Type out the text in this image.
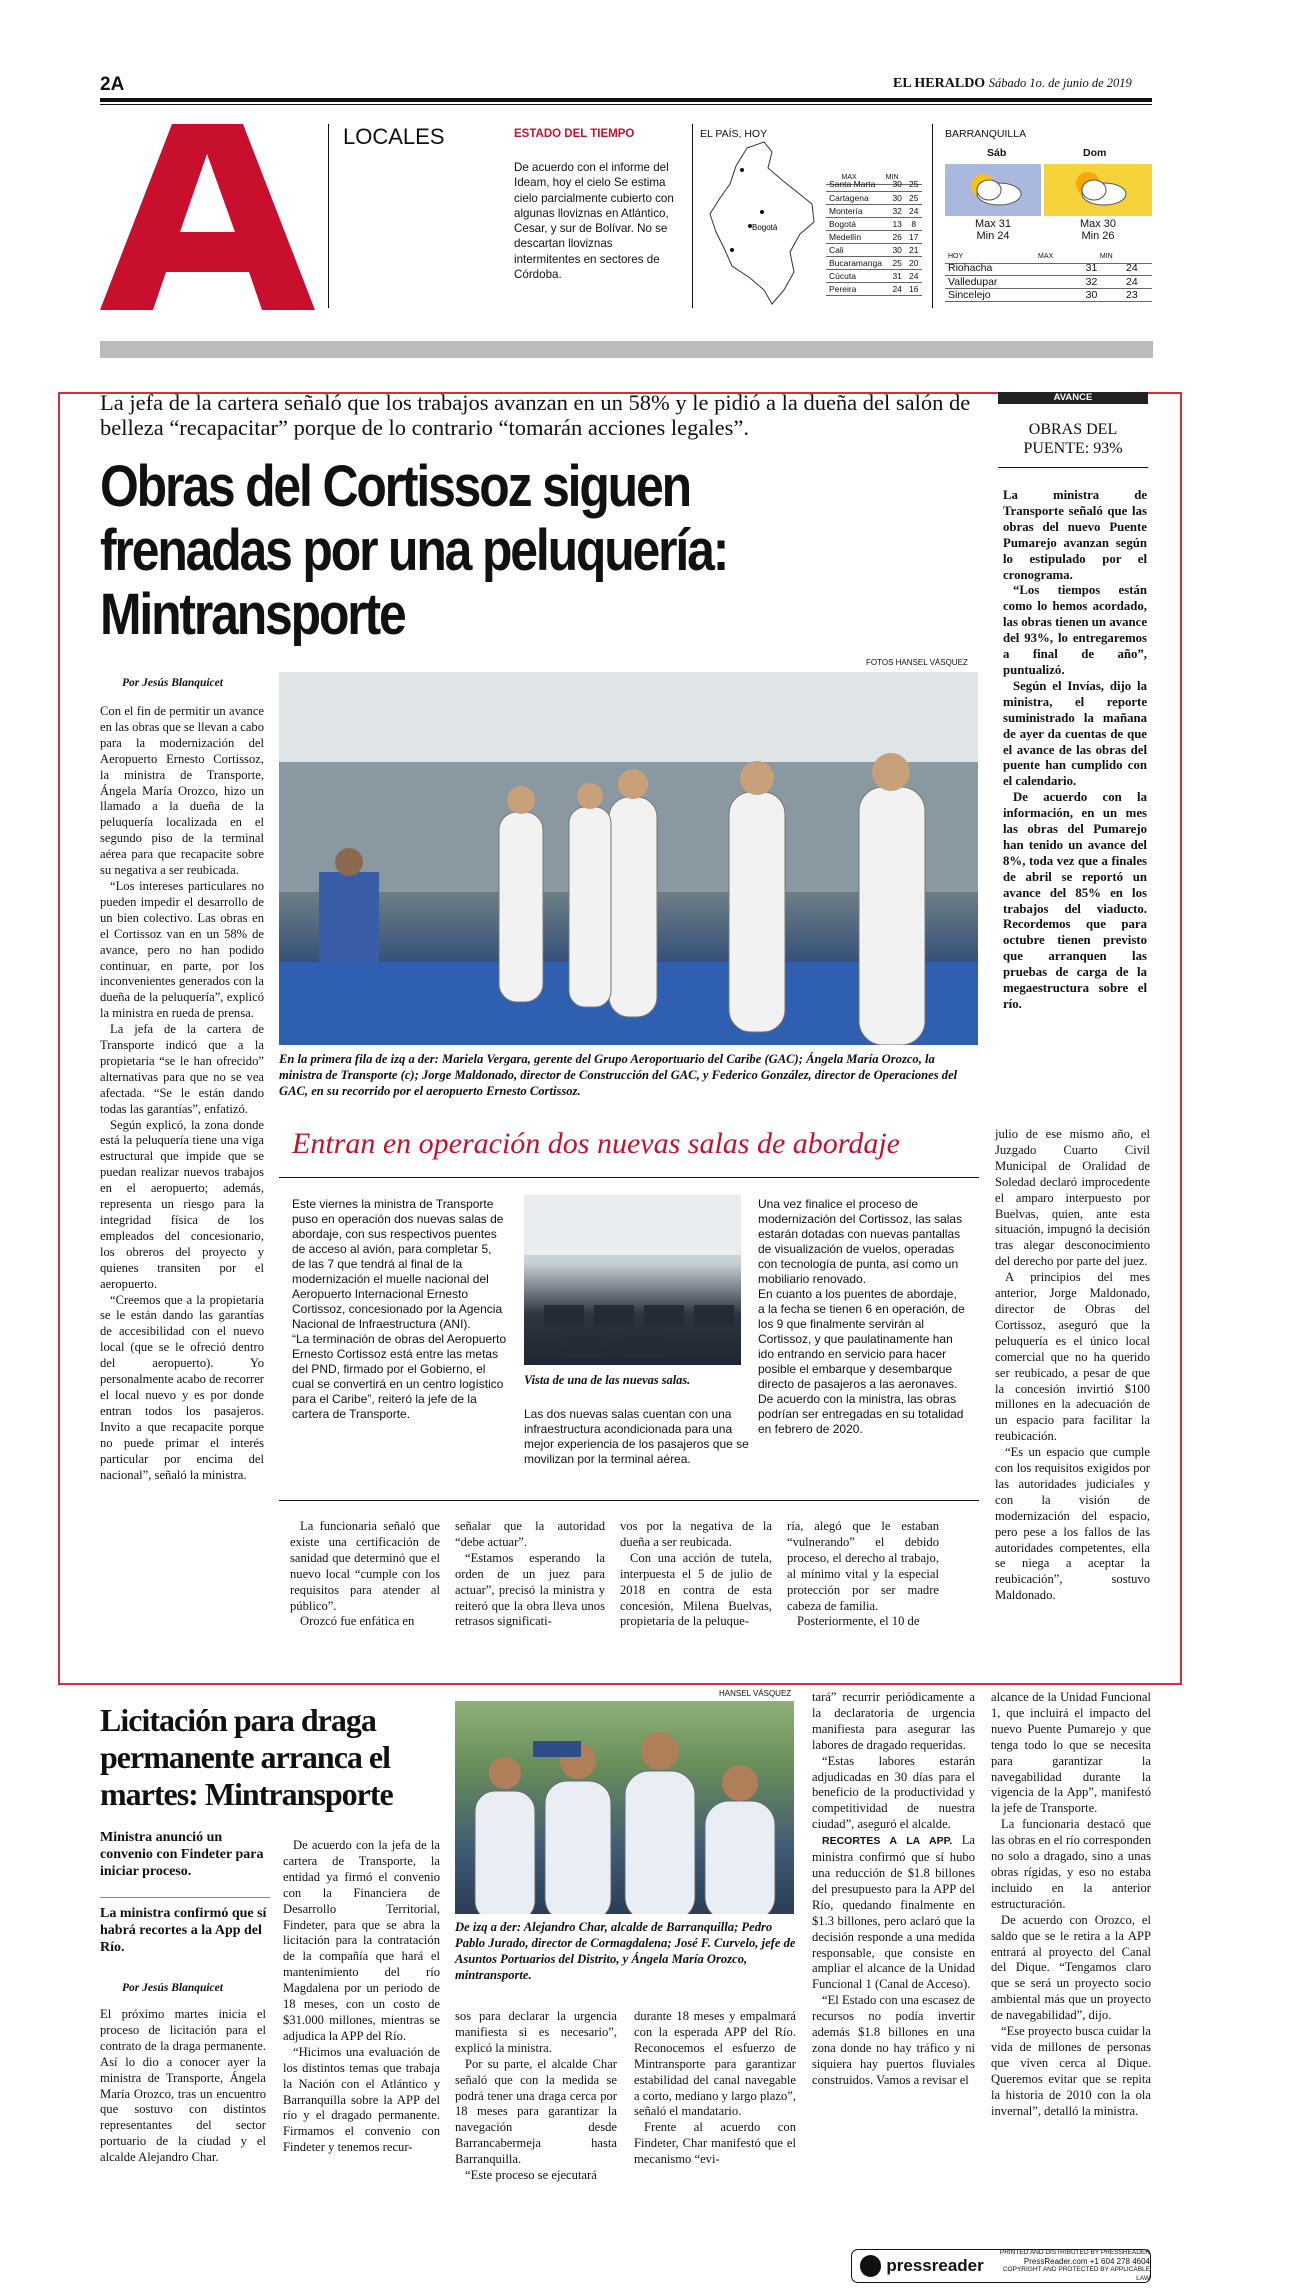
2A	EL HERALDO Sábado 1o. de junio de 2019
LOCALES	ESTADO DEL TIEMPO
De acuerdo con el informe del Ideam, hoy el cielo Se estima cielo parcialmente cubierto con algunas lloviznas en Atlántico, Cesar, y sur de Bolívar. No se descartan lloviznas intermitentes en sectores de Córdoba.
EL PAÍS, HOY
Bogotá
	MAX	MIN
Santa Marta	30	25
Cartagena	30	25
Montería	32	24
Bogotá	13	8
Medellín	26	17
Cali	30	21
Bucaramanga	25	20
Cúcuta	31	24
Pereira	24	16
BARRANQUILLA
Sáb	Dom
Max 31
Min 24
Max 30
Min 26
HOY	MAX	MIN
Riohacha	31	24
Valledupar	32	24
Sincelejo	30	23
La jefa de la cartera señaló que los trabajos avanzan en un 58% y le pidió a la dueña del salón de belleza “recapacitar” porque de lo contrario “tomarán acciones legales”.
Obras del Cortissoz siguen frenadas por una peluquería: Mintransporte
FOTOS HANSEL VÁSQUEZ
Por Jesús Blanquicet
En la primera fila de izq a der: Mariela Vergara, gerente del Grupo Aeroportuario del Caribe (GAC); Ángela María Orozco, la ministra de Transporte (c); Jorge Maldonado, director de Construcción del GAC, y Federico González, director de Operaciones del GAC, en su recorrido por el aeropuerto Ernesto Cortissoz.

Con el fin de permitir un avance en las obras que se llevan a cabo para la modernización del Aeropuerto Ernesto Cortissoz, la ministra de Transporte, Ángela María Orozco, hizo un llamado a la dueña de la peluquería localizada en el segundo piso de la terminal aérea para que recapacite sobre su negativa a ser reubicada.

“Los intereses particulares no pueden impedir el desarrollo de un bien colectivo. Las obras en el Cortissoz van en un 58% de avance, pero no han podido continuar, en parte, por los inconvenientes generados con la dueña de la peluquería”, explicó la ministra en rueda de prensa.

La jefa de la cartera de Transporte indicó que a la propietaria “se le han ofrecido” alternativas para que no se vea afectada. “Se le están dando todas las garantías”, enfatizó.

Según explicó, la zona donde está la peluquería tiene una viga estructural que impide que se puedan realizar nuevos trabajos en el aeropuerto; además, representa un riesgo para la integridad física de los empleados del concesionario, los obreros del proyecto y quienes transiten por el aeropuerto.

“Creemos que a la propietaria se le están dando las garantías de accesibilidad con el nuevo local (que se le ofreció dentro del aeropuerto). Yo personalmente acabo de recorrer el local nuevo y es por donde entran todos los pasajeros. Invito a que recapacite porque no puede primar el interés particular por encima del nacional”, señaló la ministra.

AVANCE
OBRAS DEL PUENTE: 93%

La ministra de Transporte señaló que las obras del nuevo Puente Pumarejo avanzan según lo estipulado por el cronograma.

“Los tiempos están como lo hemos acordado, las obras tienen un avance del 93%, lo entregaremos a final de año”, puntualizó.

Según el Invías, dijo la ministra, el reporte suministrado la mañana de ayer da cuentas de que el avance de las obras del puente han cumplido con el calendario.

De acuerdo con la información, en un mes las obras del Pumarejo han tenido un avance del 8%, toda vez que a finales de abril se reportó un avance del 85% en los trabajos del viaducto. Recordemos que para octubre tienen previsto que arranquen las pruebas de carga de la megaestructura sobre el río.

Entran en operación dos nuevas salas de abordaje

Este viernes la ministra de Transporte puso en operación dos nuevas salas de abordaje, con sus respectivos puentes de acceso al avión, para completar 5, de las 7 que tendrá al final de la modernización el muelle nacional del Aeropuerto Internacional Ernesto Cortissoz, concesionado por la Agencia Nacional de Infraestructura (ANI).

“La terminación de obras del Aeropuerto Ernesto Cortissoz está entre las metas del PND, firmado por el Gobierno, el cual se convertirá en un centro logístico para el Caribe”, reiteró la jefe de la cartera de Transporte.

Vista de una de las nuevas salas.
Las dos nuevas salas cuentan con una infraestructura acondicionada para una mejor experiencia de los pasajeros que se movilizan por la terminal aérea.

Una vez finalice el proceso de modernización del Cortissoz, las salas estarán dotadas con nuevas pantallas de visualización de vuelos, operadas con tecnología de punta, así como un mobiliario renovado.

En cuanto a los puentes de abordaje, a la fecha se tienen 6 en operación, de los 9 que finalmente servirán al Cortissoz, y que paulatinamente han ido entrando en servicio para hacer posible el embarque y desembarque directo de pasajeros a las aeronaves.

De acuerdo con la ministra, las obras podrían ser entregadas en su totalidad en febrero de 2020.

La funcionaria señaló que existe una certificación de sanidad que determinó que el nuevo local “cumple con los requisitos para atender al público”.

Orozcó fue enfática en

señalar que la autoridad “debe actuar”.

“Estamos esperando la orden de un juez para actuar”, precisó la ministra y reiteró que la obra lleva unos retrasos significati-

vos por la negativa de la dueña a ser reubicada.

Con una acción de tutela, interpuesta el 5 de julio de 2018 en contra de esta concesión, Milena Buelvas, propietaria de la peluque-

ría, alegó que le estaban “vulnerando” el debido proceso, el derecho al trabajo, al mínimo vital y la especial protección por ser madre cabeza de familia.

Posteriormente, el 10 de

julio de ese mismo año, el Juzgado Cuarto Civil Municipal de Oralidad de Soledad declaró improcedente el amparo interpuesto por Buelvas, quien, ante esta situación, impugnó la decisión tras alegar desconocimiento del derecho por parte del juez.

A principios del mes anterior, Jorge Maldonado, director de Obras del Cortissoz, aseguró que la peluquería es el único local comercial que no ha querido ser reubicado, a pesar de que la concesión invirtió $100 millones en la adecuación de un espacio para facilitar la reubicación.

“Es un espacio que cumple con los requisitos exigidos por las autoridades judiciales y con la visión de modernización del espacio, pero pese a los fallos de las autoridades competentes, ella se niega a aceptar la reubicación”, sostuvo Maldonado.

Licitación para draga permanente arranca el martes: Mintransporte
Ministra anunció un convenio con Findeter para iniciar proceso.
La ministra confirmó que sí habrá recortes a la App del Río.
Por Jesús Blanquicet

El próximo martes inicia el proceso de licitación para el contrato de la draga permanente. Así lo dio a conocer ayer la ministra de Transporte, Ángela María Orozco, tras un encuentro que sostuvo con distintos representantes del sector portuario de la ciudad y el alcalde Alejandro Char.

HANSEL VÁSQUEZ
De izq a der: Alejandro Char, alcalde de Barranquilla; Pedro Pablo Jurado, director de Cormagdalena; José F. Curvelo, jefe de Asuntos Portuarios del Distrito, y Ángela María Orozco, mintransporte.

De acuerdo con la jefa de la cartera de Transporte, la entidad ya firmó el convenio con la Financiera de Desarrollo Territorial, Findeter, para que se abra la licitación para la contratación de la compañía que hará el mantenimiento del río Magdalena por un periodo de 18 meses, con un costo de $31.000 millones, mientras se adjudica la APP del Río.

“Hicimos una evaluación de los distintos temas que trabaja la Nación con el Atlántico y Barranquilla sobre la APP del río y el dragado permanente. Firmamos el convenio con Findeter y tenemos recur-

sos para declarar la urgencia manifiesta si es necesario”, explicó la ministra.

Por su parte, el alcalde Char señaló que con la medida se podrá tener una draga cerca por 18 meses para garantizar la navegación desde Barrancabermeja hasta Barranquilla.

“Este proceso se ejecutará

durante 18 meses y empalmará con la esperada APP del Río. Reconocemos el esfuerzo de Mintransporte para garantizar estabilidad del canal navegable a corto, mediano y largo plazo”, señaló el mandatario.

Frente al acuerdo con Findeter, Char manifestó que el mecanismo “evi-

tará” recurrir periódicamente a la declaratoria de urgencia manifiesta para asegurar las labores de dragado requeridas.

“Estas labores estarán adjudicadas en 30 días para el beneficio de la productividad y competitividad de nuestra ciudad”, aseguró el alcalde.

RECORTES A LA APP. La ministra confirmó que sí hubo una reducción de $1.8 billones del presupuesto para la APP del Río, quedando finalmente en $1.3 billones, pero aclaró que la decisión responde a una medida responsable, que consiste en ampliar el alcance de la Unidad Funcional 1 (Canal de Acceso).

“El Estado con una escasez de recursos no podía invertir además $1.8 billones en una zona donde no hay tráfico y ni siquiera hay puertos fluviales construidos. Vamos a revisar el

alcance de la Unidad Funcional 1, que incluirá el impacto del nuevo Puente Pumarejo y que tenga todo lo que se necesita para garantizar la navegabilidad durante la vigencia de la App”, manifestó la jefe de Transporte.

La funcionaria destacó que las obras en el río corresponden no solo a dragado, sino a unas obras rígidas, y eso no estaba incluido en la anterior estructuración.

De acuerdo con Orozco, el saldo que se le retira a la APP entrará al proyecto del Canal del Dique. “Tengamos claro que se será un proyecto socio ambiental más que un proyecto de navegabilidad”, dijo.

“Ese proyecto busca cuidar la vida de millones de personas que viven cerca al Dique. Queremos evitar que se repita la historia de 2010 con la ola invernal”, detalló la ministra.

pressreader
PRINTED AND DISTRIBUTED BY PRESSREADER
PressReader.com +1 604 278 4604
COPYRIGHT AND PROTECTED BY APPLICABLE LAW
